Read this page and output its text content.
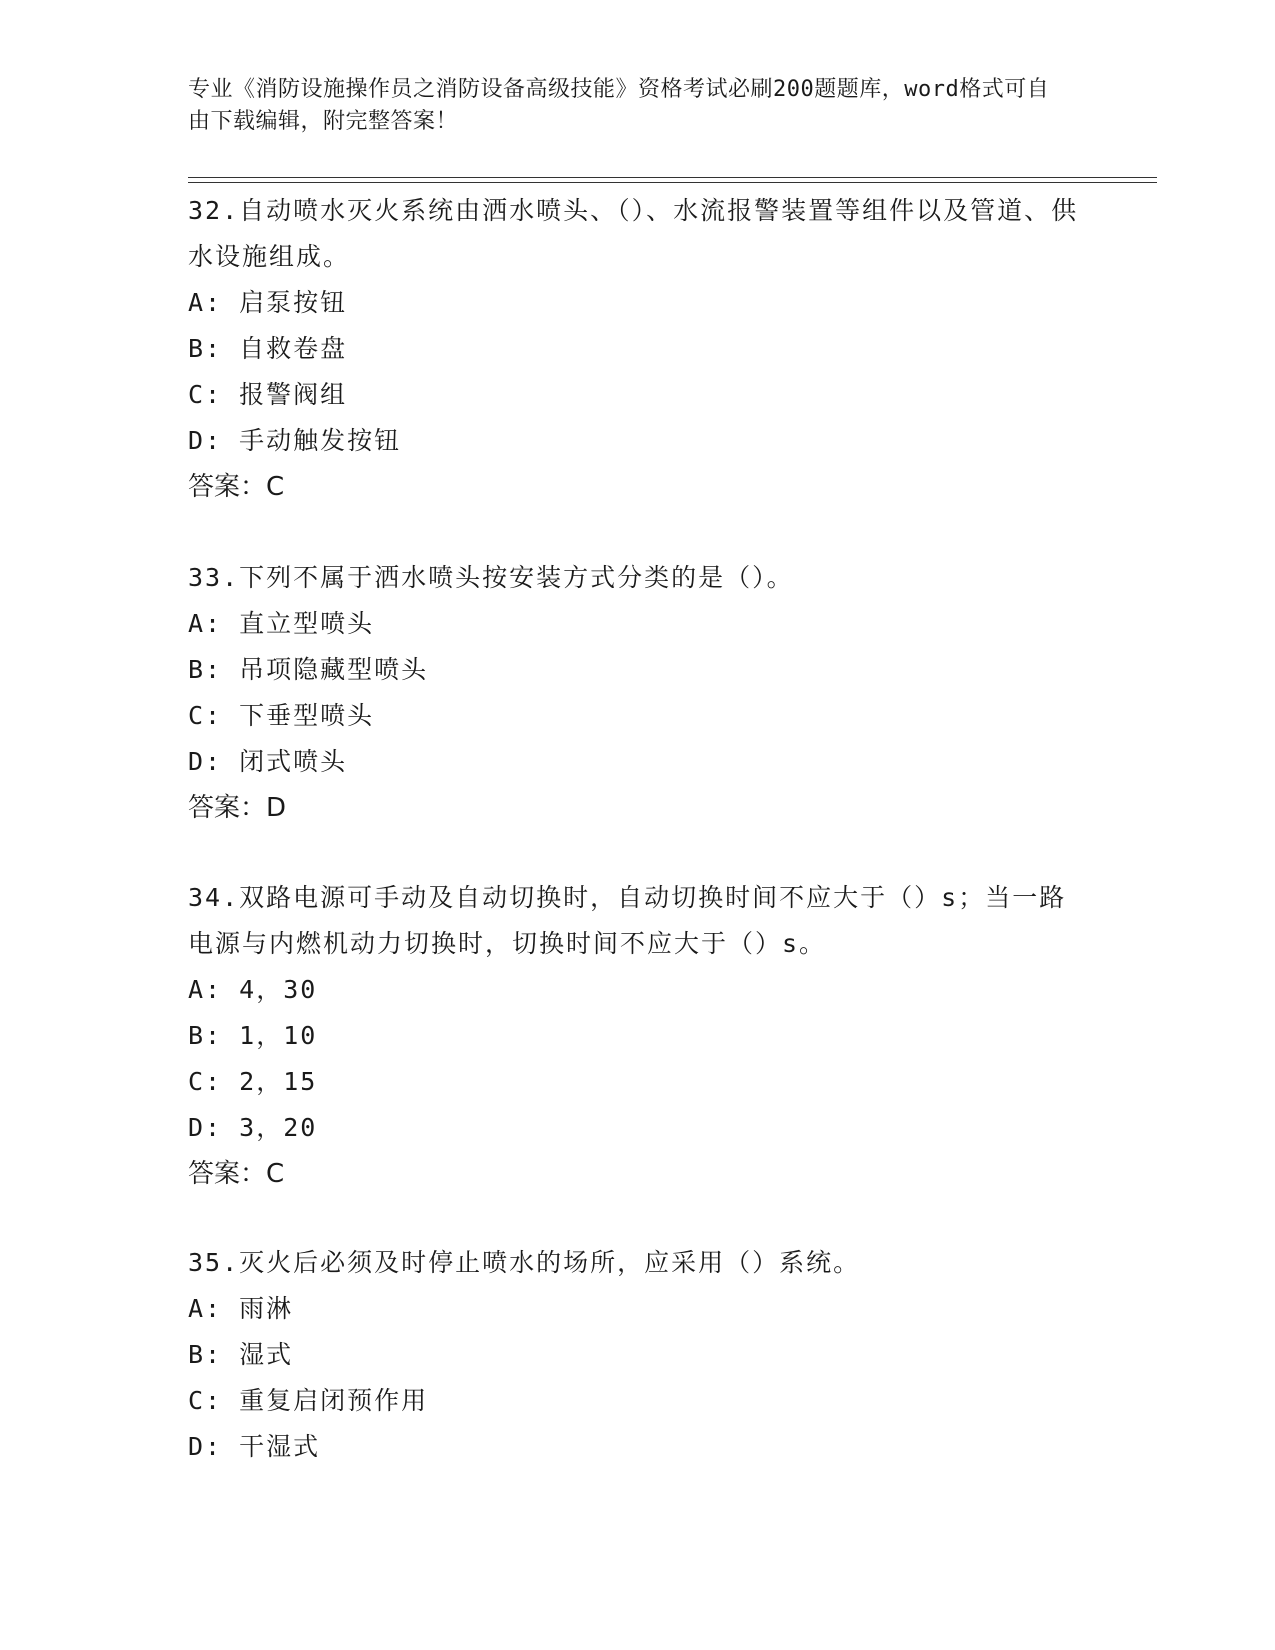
专业《消防设施操作员之消防设备高级技能》资格考试必刷200题题库，word格式可自由下载编辑，附完整答案！

32.自动喷水灭火系统由洒水喷头、（）、水流报警装置等组件以及管道、供水设施组成。

A: 启泵按钮

B: 自救卷盘

C: 报警阀组

D: 手动触发按钮

答案：C

33.下列不属于洒水喷头按安装方式分类的是（）。

A: 直立型喷头

B: 吊项隐藏型喷头

C: 下垂型喷头

D: 闭式喷头

答案：D

34.双路电源可手动及自动切换时，自动切换时间不应大于（）s；当一路电源与内燃机动力切换时，切换时间不应大于（）s。

A: 4，30

B: 1，10

C: 2，15

D: 3，20

答案：C

35.灭火后必须及时停止喷水的场所，应采用（）系统。

A: 雨淋

B: 湿式

C: 重复启闭预作用

D: 干湿式
